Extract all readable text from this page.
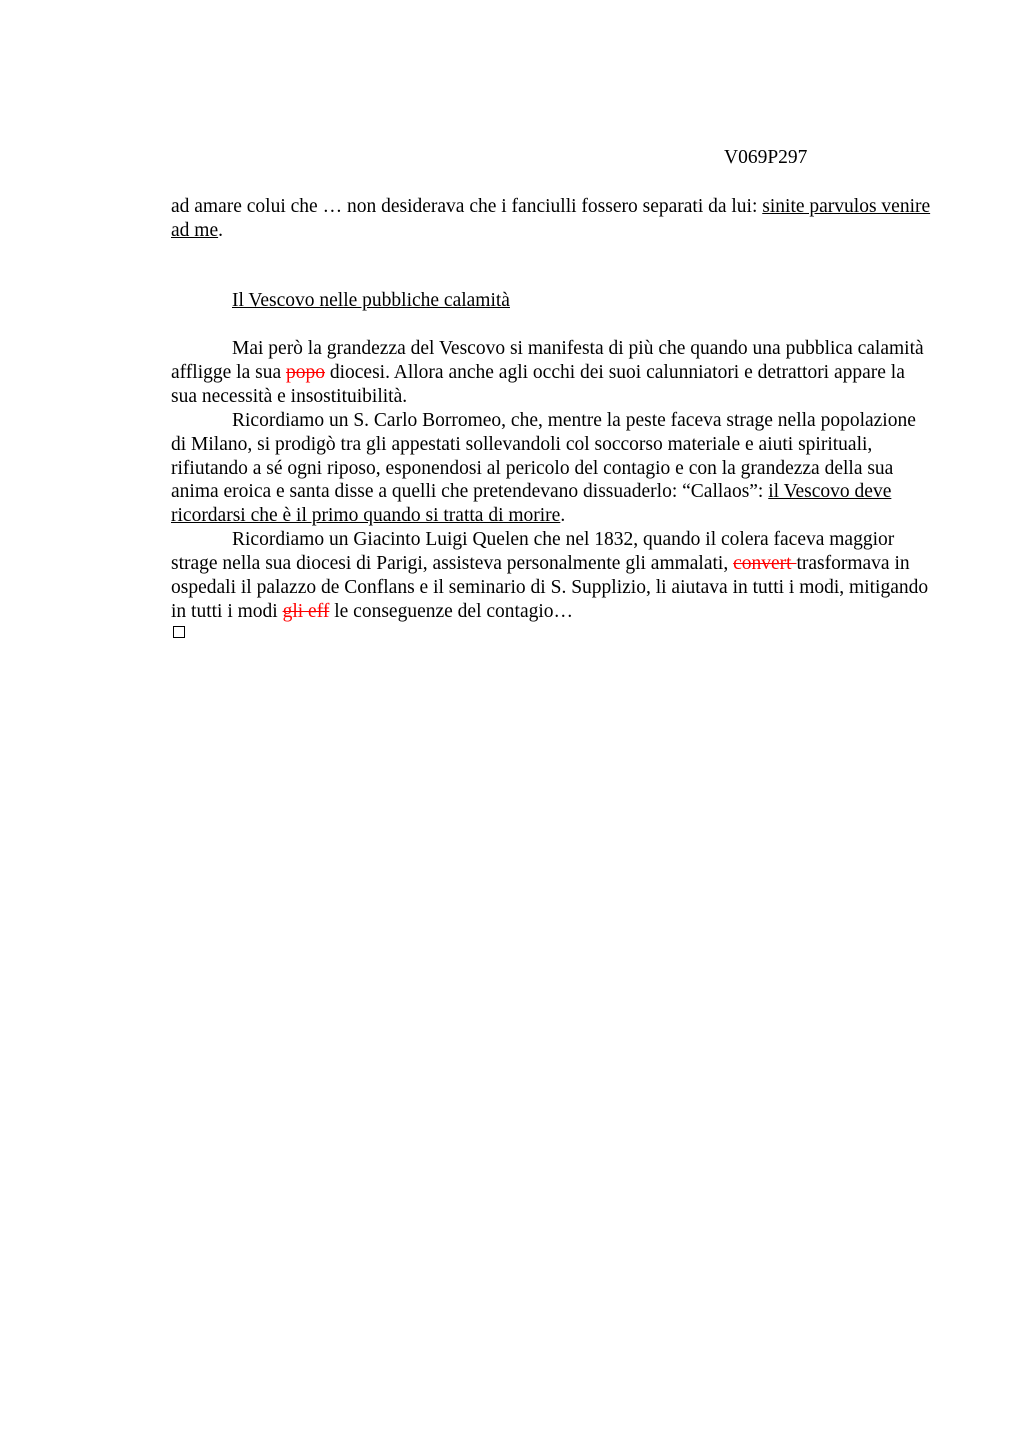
V069P297
ad amare colui che … non desiderava che i fanciulli fossero separati da lui: sinite parvulos venire ad me.
Il Vescovo nelle pubbliche calamità

Mai però la grandezza del Vescovo si manifesta di più che quando una pubblica calamità affligge la sua popo diocesi. Allora anche agli occhi dei suoi calunniatori e detrattori appare la sua necessità e insostituibilità.

Ricordiamo un S. Carlo Borromeo, che, mentre la peste faceva strage nella popolazione di Milano, si prodigò tra gli appestati sollevandoli col soccorso materiale e aiuti spirituali, rifiutando a sé ogni riposo, esponendosi al pericolo del contagio e con la grandezza della sua anima eroica e santa disse a quelli che pretendevano dissuaderlo: “Callaos”: il Vescovo deve ricordarsi che è il primo quando si tratta di morire.

Ricordiamo un Giacinto Luigi Quelen che nel 1832, quando il colera faceva maggior strage nella sua diocesi di Parigi, assisteva personalmente gli ammalati, convert trasformava in ospedali il palazzo de Conflans e il seminario di S. Supplizio, li aiutava in tutti i modi, mitigando in tutti i modi gli eff le conseguenze del contagio…
